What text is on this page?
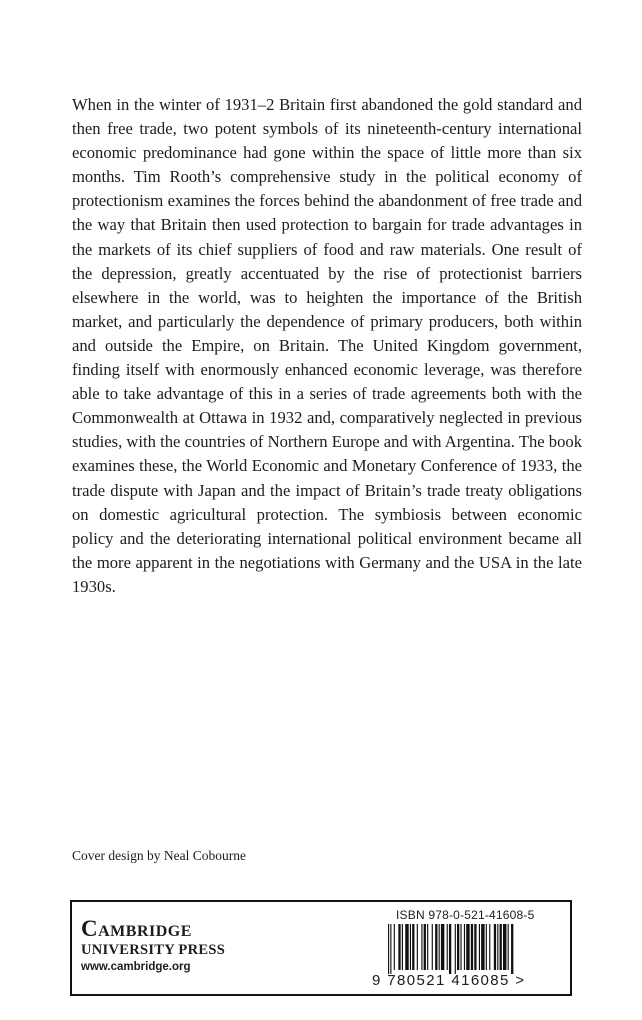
When in the winter of 1931–2 Britain first abandoned the gold standard and then free trade, two potent symbols of its nineteenth-century international economic predominance had gone within the space of little more than six months. Tim Rooth’s comprehensive study in the political economy of protectionism examines the forces behind the abandonment of free trade and the way that Britain then used protection to bargain for trade advantages in the markets of its chief suppliers of food and raw materials. One result of the depression, greatly accentuated by the rise of protectionist barriers elsewhere in the world, was to heighten the importance of the British market, and particularly the dependence of primary producers, both within and outside the Empire, on Britain. The United Kingdom government, finding itself with enormously enhanced economic leverage, was therefore able to take advantage of this in a series of trade agreements both with the Commonwealth at Ottawa in 1932 and, comparatively neglected in previous studies, with the countries of Northern Europe and with Argentina. The book examines these, the World Economic and Monetary Conference of 1933, the trade dispute with Japan and the impact of Britain’s trade treaty obligations on domestic agricultural protection. The symbiosis between economic policy and the deteriorating international political environment became all the more apparent in the negotiations with Germany and the USA in the late 1930s.

Cover design by Neal Cobourne

Cambridge

UNIVERSITY PRESS

www.cambridge.org

ISBN 978-0-521-41608-5
9 780521 416085 >
